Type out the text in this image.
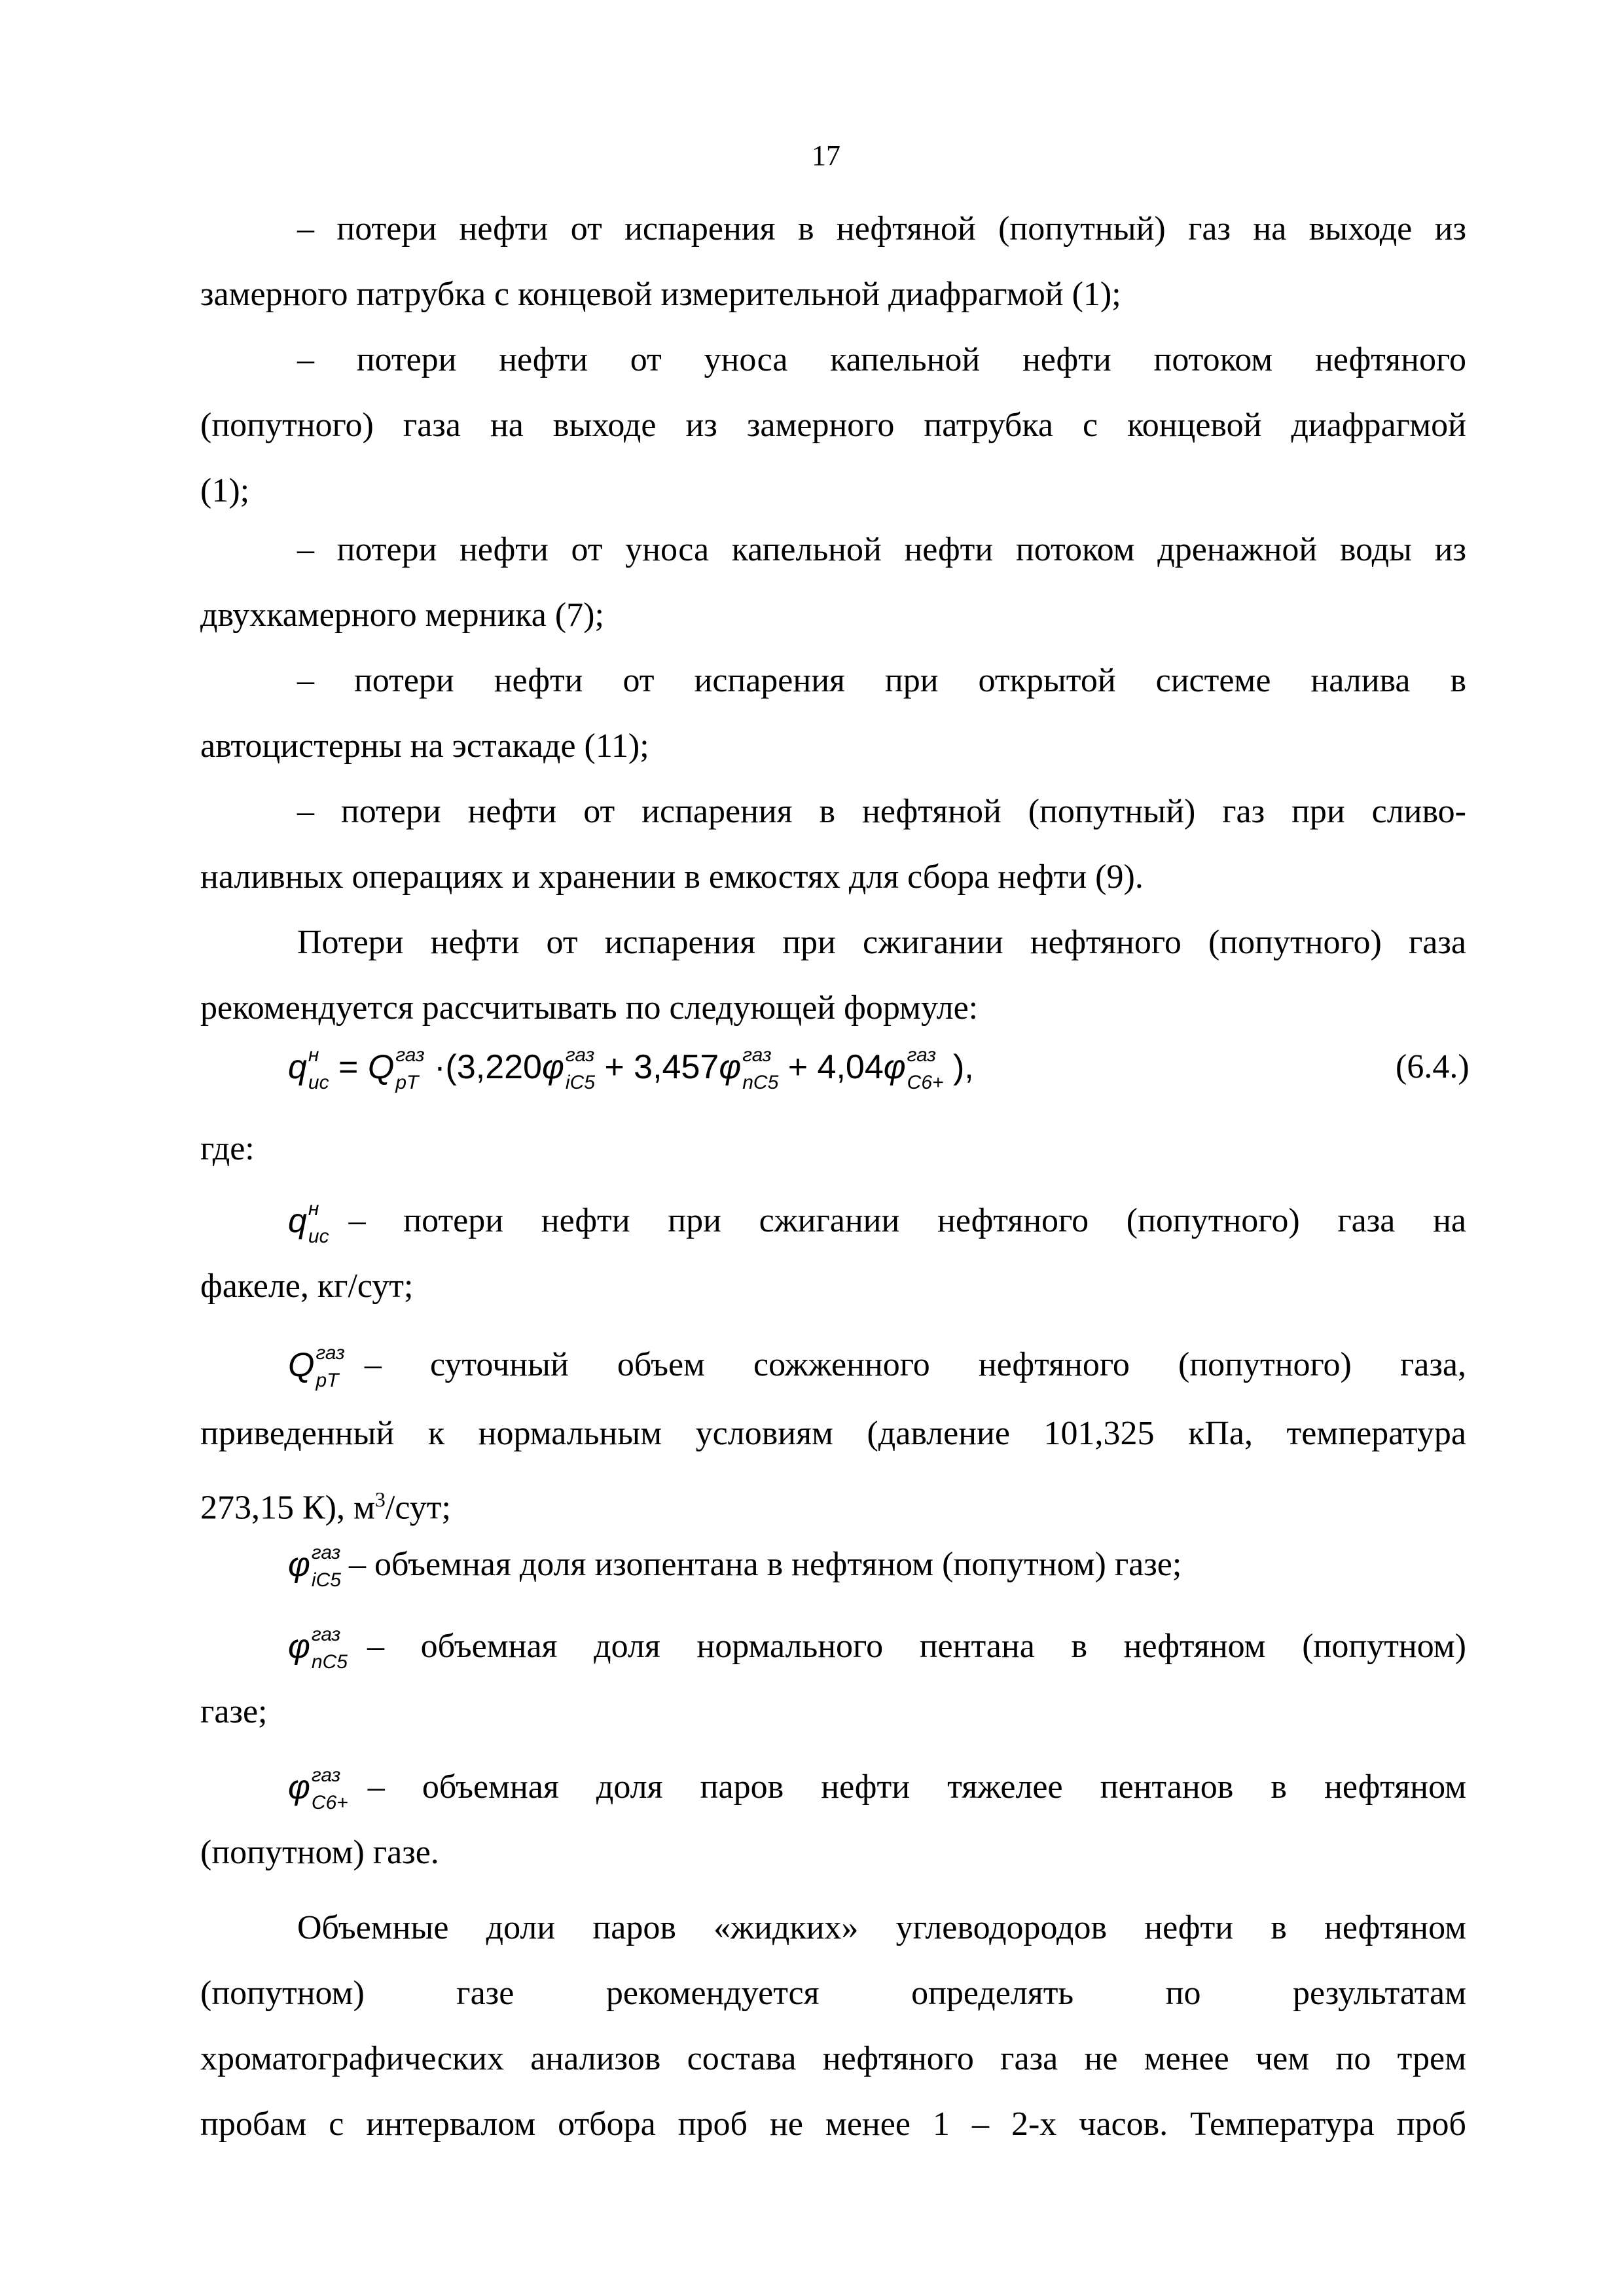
17
– потери нефти от испарения в нефтяной (попутный) газ на выходе из
замерного патрубка с концевой измерительной диафрагмой (1);
– потери нефти от уноса капельной нефти потоком нефтяного
(попутного) газа на выходе из замерного патрубка с концевой диафрагмой
(1);
– потери нефти от уноса капельной нефти потоком дренажной воды из
двухкамерного мерника (7);
– потери нефти от испарения при открытой системе налива в
автоцистерны на эстакаде (11);
– потери нефти от испарения в нефтяной (попутный) газ при сливо-
наливных операциях и хранении в емкостях для сбора нефти (9).
Потери нефти от испарения при сжигании нефтяного (попутного) газа
рекомендуется рассчитывать по следующей формуле:
q н
ис = Q газ
рТ ·(3,220φ газ
iC5 + 3,457φ газ
nC5 + 4,04φ газ
C6+ ),	(6.4.)
где:
q н
ис – потери нефти при сжигании нефтяного (попутного) газа на
факеле, кг/сут;
Q газ
рТ – суточный объем сожженного нефтяного (попутного) газа,
приведенный к нормальным условиям (давление 101,325 кПа, температура
273,15 К), $м^3$/сут;
φ газ
iC5 – объемная доля изопентана в нефтяном (попутном) газе;
φ газ
nC5 – объемная доля нормального пентана в нефтяном (попутном)
газе;
φ газ
C6+ – объемная доля паров нефти тяжелее пентанов в нефтяном
(попутном) газе.
Объемные доли паров «жидких» углеводородов нефти в нефтяном
(попутном) газе рекомендуется определять по результатам
хроматографических анализов состава нефтяного газа не менее чем по трем
пробам с интервалом отбора проб не менее 1 – 2-х часов. Температура проб
